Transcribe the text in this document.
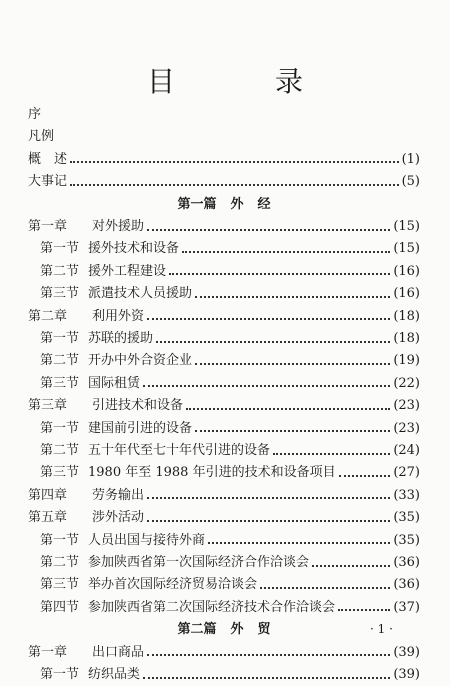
目　录
序
凡例
概　述	(1)
大事记	(5)
第一篇 外 经
第一章	对外援助	(15)
第一节 援外技术和设备	(15)
第二节 援外工程建设	(16)
第三节 派遣技术人员援助	(16)
第二章	利用外资	(18)
第一节 苏联的援助	(18)
第二节 开办中外合资企业	(19)
第三节 国际租赁	(22)
第三章	引进技术和设备	(23)
第一节 建国前引进的设备	(23)
第二节 五十年代至七十年代引进的设备	(24)
第三节 1980 年至 1988 年引进的技术和设备项目	(27)
第四章	劳务输出	(33)
第五章	涉外活动	(35)
第一节 人员出国与接待外商	(35)
第二节 参加陕西省第一次国际经济合作洽谈会	(36)
第三节 举办首次国际经济贸易洽谈会	(36)
第四节 参加陕西省第二次国际经济技术合作洽谈会	(37)
第二篇 外 贸
第一章	出口商品	(39)
第一节 纺织品类	(39)
· 1 ·
